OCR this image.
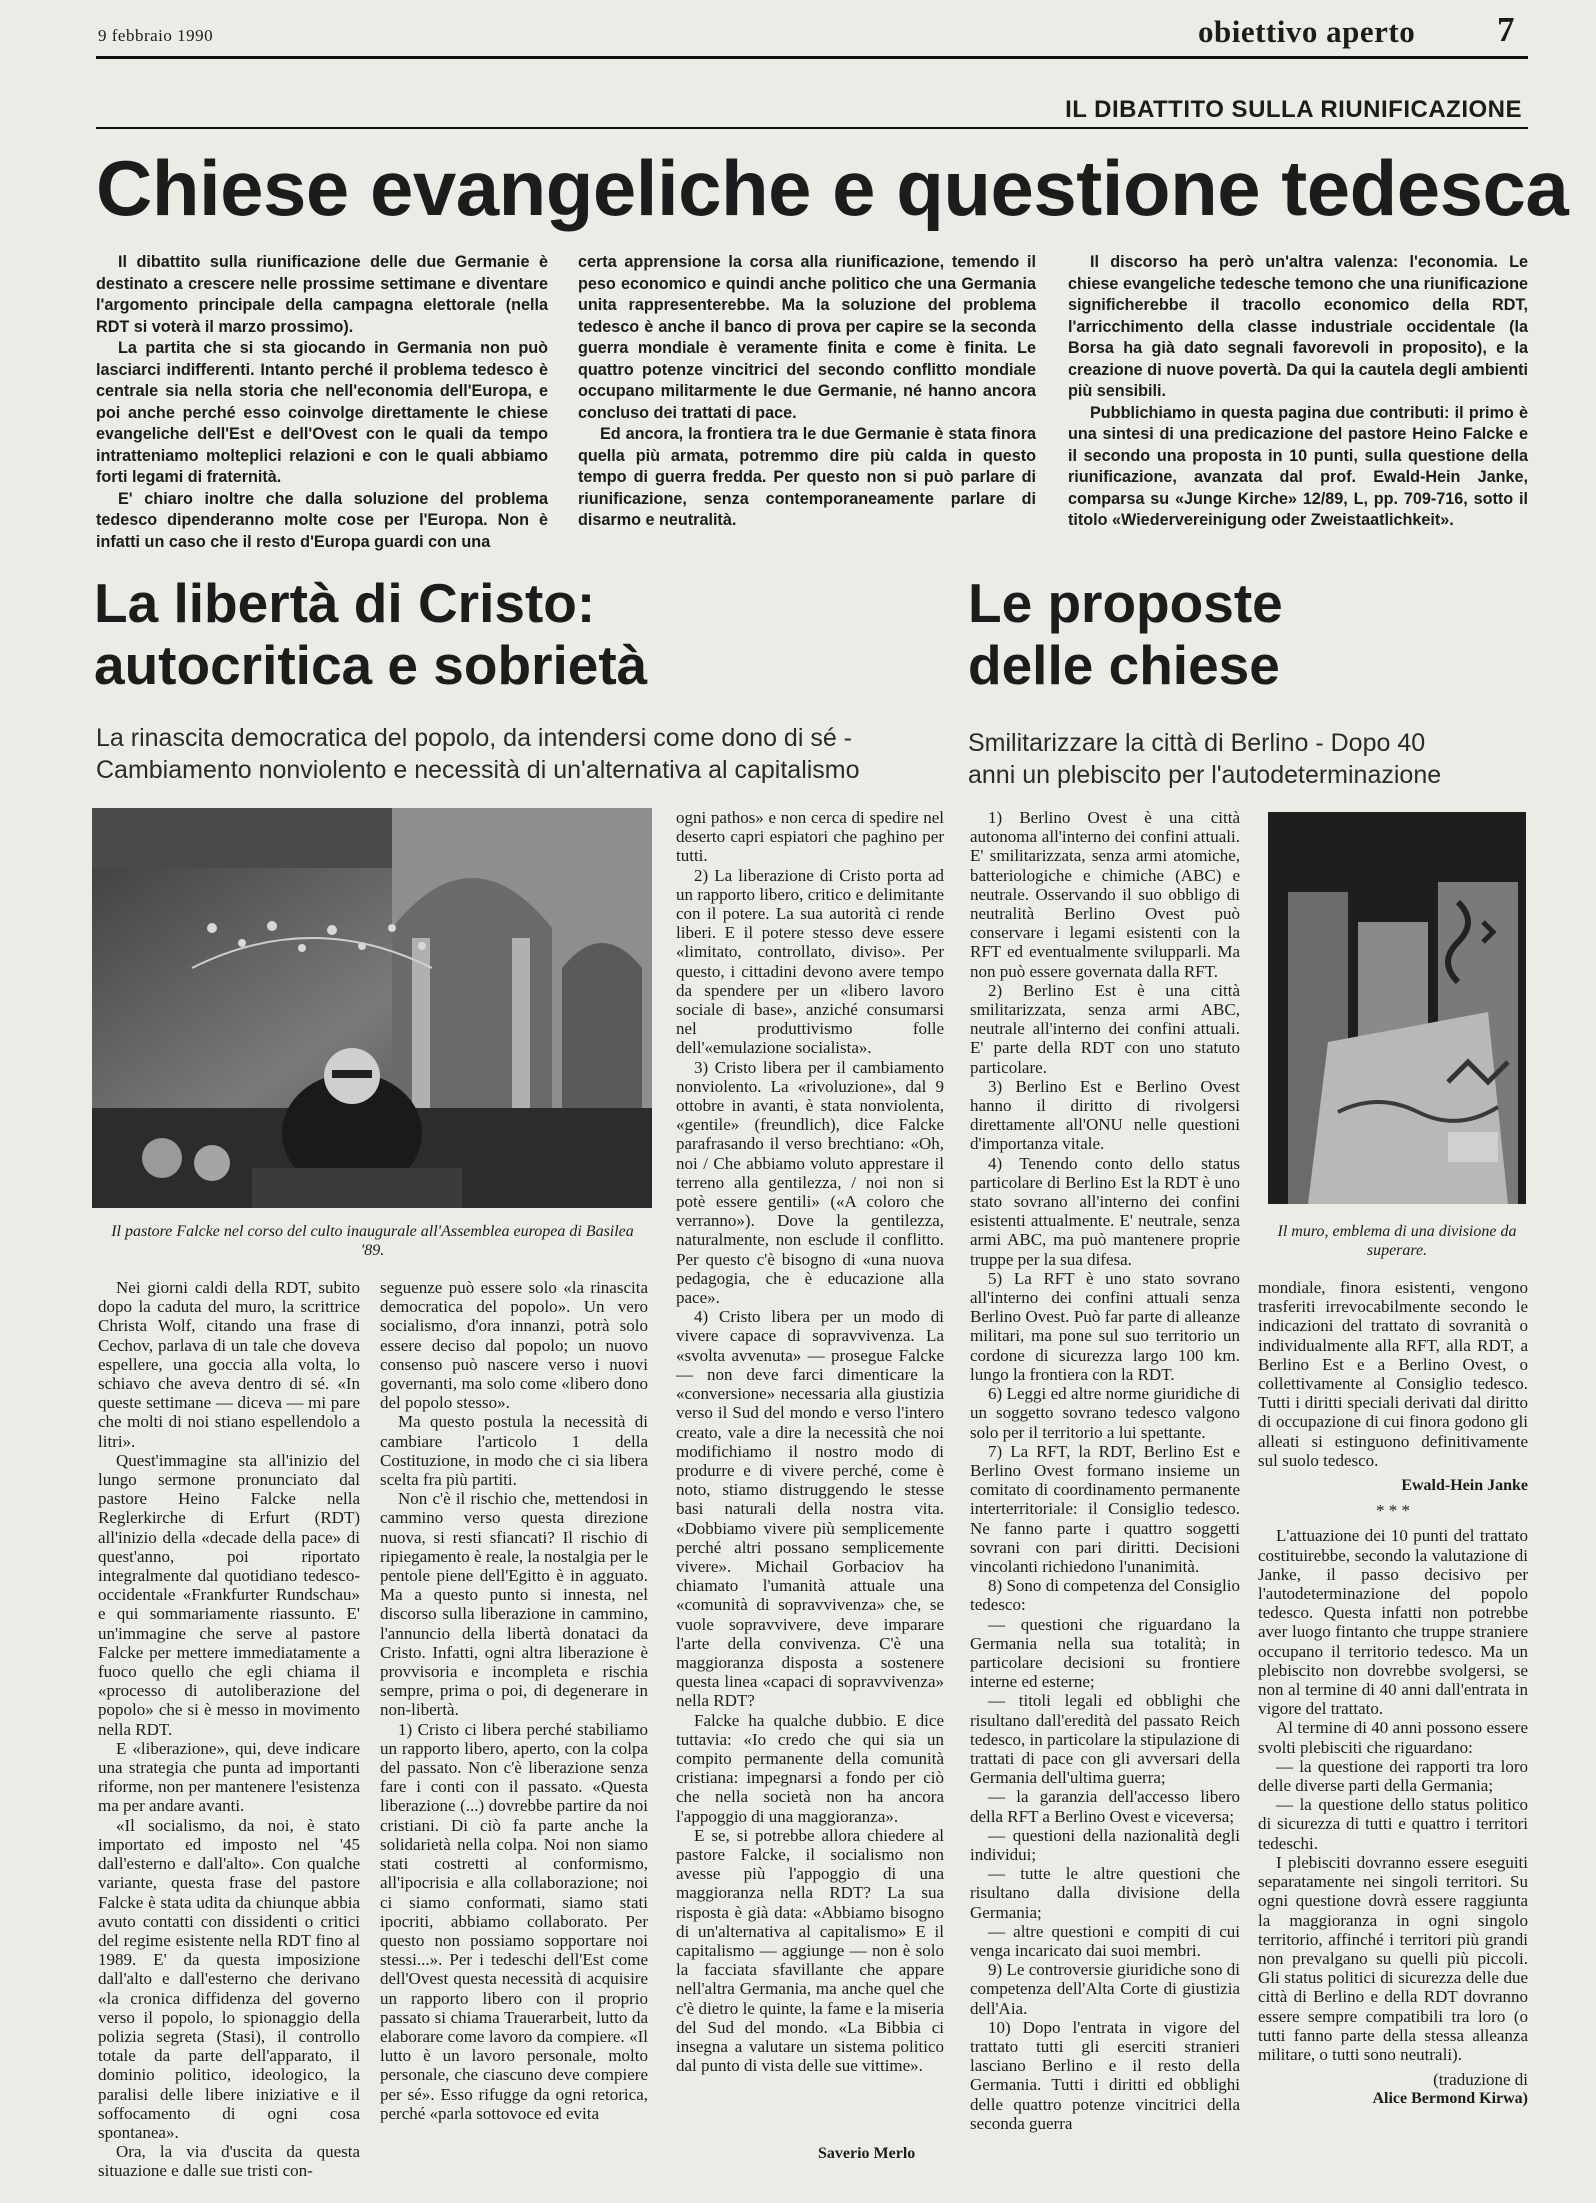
9 febbraio 1990	obiettivo aperto 7
IL DIBATTITO SULLA RIUNIFICAZIONE
Chiese evangeliche e questione tedesca

Il dibattito sulla riunificazione delle due Germanie è destinato a crescere nelle prossime settimane e diventare l'argomento principale della campagna elettorale (nella RDT si voterà il marzo prossimo).

La partita che si sta giocando in Germania non può lasciarci indifferenti. Intanto perché il problema tedesco è centrale sia nella storia che nell'economia dell'Europa, e poi anche perché esso coinvolge direttamente le chiese evangeliche dell'Est e dell'Ovest con le quali da tempo intratteniamo molteplici relazioni e con le quali abbiamo forti legami di fraternità.

E' chiaro inoltre che dalla soluzione del problema tedesco dipenderanno molte cose per l'Europa. Non è infatti un caso che il resto d'Europa guardi con una

certa apprensione la corsa alla riunificazione, temendo il peso economico e quindi anche politico che una Germania unita rappresenterebbe. Ma la soluzione del problema tedesco è anche il banco di prova per capire se la seconda guerra mondiale è veramente finita e come è finita. Le quattro potenze vincitrici del secondo conflitto mondiale occupano militarmente le due Germanie, né hanno ancora concluso dei trattati di pace.

Ed ancora, la frontiera tra le due Germanie è stata finora quella più armata, potremmo dire più calda in questo tempo di guerra fredda. Per questo non si può parlare di riunificazione, senza contemporaneamente parlare di disarmo e neutralità.

Il discorso ha però un'altra valenza: l'economia. Le chiese evangeliche tedesche temono che una riunificazione significherebbe il tracollo economico della RDT, l'arricchimento della classe industriale occidentale (la Borsa ha già dato segnali favorevoli in proposito), e la creazione di nuove povertà. Da qui la cautela degli ambienti più sensibili.

Pubblichiamo in questa pagina due contributi: il primo è una sintesi di una predicazione del pastore Heino Falcke e il secondo una proposta in 10 punti, sulla questione della riunificazione, avanzata dal prof. Ewald-Hein Janke, comparsa su «Junge Kirche» 12/89, L, pp. 709-716, sotto il titolo «Wiedervereinigung oder Zweistaatlichkeit».

La libertà di Cristo:
autocritica e sobrietà
La rinascita democratica del popolo, da intendersi come dono di sé -
Cambiamento nonviolento e necessità di un'alternativa al capitalismo
Le proposte
delle chiese
Smilitarizzare la città di Berlino - Dopo 40
anni un plebiscito per l'autodeterminazione
Il pastore Falcke nel corso del culto inaugurale all'Assemblea europea di Basilea '89.

Nei giorni caldi della RDT, subito dopo la caduta del muro, la scrittrice Christa Wolf, citando una frase di Cechov, parlava di un tale che doveva espellere, una goccia alla volta, lo schiavo che aveva dentro di sé. «In queste settimane — diceva — mi pare che molti di noi stiano espellendolo a litri».

Quest'immagine sta all'inizio del lungo sermone pronunciato dal pastore Heino Falcke nella Reglerkirche di Erfurt (RDT) all'inizio della «decade della pace» di quest'anno, poi riportato integralmente dal quotidiano tedesco-occidentale «Frankfurter Rundschau» e qui sommariamente riassunto. E' un'immagine che serve al pastore Falcke per mettere immediatamente a fuoco quello che egli chiama il «processo di autoliberazione del popolo» che si è messo in movimento nella RDT.

E «liberazione», qui, deve indicare una strategia che punta ad importanti riforme, non per mantenere l'esistenza ma per andare avanti.

«Il socialismo, da noi, è stato importato ed imposto nel '45 dall'esterno e dall'alto». Con qualche variante, questa frase del pastore Falcke è stata udita da chiunque abbia avuto contatti con dissidenti o critici del regime esistente nella RDT fino al 1989. E' da questa imposizione dall'alto e dall'esterno che derivano «la cronica diffidenza del governo verso il popolo, lo spionaggio della polizia segreta (Stasi), il controllo totale da parte dell'apparato, il dominio politico, ideologico, la paralisi delle libere iniziative e il soffocamento di ogni cosa spontanea».

Ora, la via d'uscita da questa situazione e dalle sue tristi con-

seguenze può essere solo «la rinascita democratica del popolo». Un vero socialismo, d'ora innanzi, potrà solo essere deciso dal popolo; un nuovo consenso può nascere verso i nuovi governanti, ma solo come «libero dono del popolo stesso».

Ma questo postula la necessità di cambiare l'articolo 1 della Costituzione, in modo che ci sia libera scelta fra più partiti.

Non c'è il rischio che, mettendosi in cammino verso questa direzione nuova, si resti sfiancati? Il rischio di ripiegamento è reale, la nostalgia per le pentole piene dell'Egitto è in agguato. Ma a questo punto si innesta, nel discorso sulla liberazione in cammino, l'annuncio della libertà donataci da Cristo. Infatti, ogni altra liberazione è provvisoria e incompleta e rischia sempre, prima o poi, di degenerare in non-libertà.

1) Cristo ci libera perché stabiliamo un rapporto libero, aperto, con la colpa del passato. Non c'è liberazione senza fare i conti con il passato. «Questa liberazione (...) dovrebbe partire da noi cristiani. Di ciò fa parte anche la solidarietà nella colpa. Noi non siamo stati costretti al conformismo, all'ipocrisia e alla collaborazione; noi ci siamo conformati, siamo stati ipocriti, abbiamo collaborato. Per questo non possiamo sopportare noi stessi...». Per i tedeschi dell'Est come dell'Ovest questa necessità di acquisire un rapporto libero con il proprio passato si chiama Trauerarbeit, lutto da elaborare come lavoro da compiere. «Il lutto è un lavoro personale, molto personale, che ciascuno deve compiere per sé». Esso rifugge da ogni retorica, perché «parla sottovoce ed evita

ogni pathos» e non cerca di spedire nel deserto capri espiatori che paghino per tutti.

2) La liberazione di Cristo porta ad un rapporto libero, critico e delimitante con il potere. La sua autorità ci rende liberi. E il potere stesso deve essere «limitato, controllato, diviso». Per questo, i cittadini devono avere tempo da spendere per un «libero lavoro sociale di base», anziché consumarsi nel produttivismo folle dell'«emulazione socialista».

3) Cristo libera per il cambiamento nonviolento. La «rivoluzione», dal 9 ottobre in avanti, è stata nonviolenta, «gentile» (freundlich), dice Falcke parafrasando il verso brechtiano: «Oh, noi / Che abbiamo voluto apprestare il terreno alla gentilezza, / noi non si potè essere gentili» («A coloro che verranno»). Dove la gentilezza, naturalmente, non esclude il conflitto. Per questo c'è bisogno di «una nuova pedagogia, che è educazione alla pace».

4) Cristo libera per un modo di vivere capace di sopravvivenza. La «svolta avvenuta» — prosegue Falcke — non deve farci dimenticare la «conversione» necessaria alla giustizia verso il Sud del mondo e verso l'intero creato, vale a dire la necessità che noi modifichiamo il nostro modo di produrre e di vivere perché, come è noto, stiamo distruggendo le stesse basi naturali della nostra vita. «Dobbiamo vivere più semplicemente perché altri possano semplicemente vivere». Michail Gorbaciov ha chiamato l'umanità attuale una «comunità di sopravvivenza» che, se vuole sopravvivere, deve imparare l'arte della convivenza. C'è una maggioranza disposta a sostenere questa linea «capaci di sopravvivenza» nella RDT?

Falcke ha qualche dubbio. E dice tuttavia: «Io credo che qui sia un compito permanente della comunità cristiana: impegnarsi a fondo per ciò che nella società non ha ancora l'appoggio di una maggioranza».

E se, si potrebbe allora chiedere al pastore Falcke, il socialismo non avesse più l'appoggio di una maggioranza nella RDT? La sua risposta è già data: «Abbiamo bisogno di un'alternativa al capitalismo» E il capitalismo — aggiunge — non è solo la facciata sfavillante che appare nell'altra Germania, ma anche quel che c'è dietro le quinte, la fame e la miseria del Sud del mondo. «La Bibbia ci insegna a valutare un sistema politico dal punto di vista delle sue vittime».

Saverio Merlo
Il muro, emblema di una divisione da superare.

1) Berlino Ovest è una città autonoma all'interno dei confini attuali. E' smilitarizzata, senza armi atomiche, batteriologiche e chimiche (ABC) e neutrale. Osservando il suo obbligo di neutralità Berlino Ovest può conservare i legami esistenti con la RFT ed eventualmente svilupparli. Ma non può essere governata dalla RFT.

2) Berlino Est è una città smilitarizzata, senza armi ABC, neutrale all'interno dei confini attuali. E' parte della RDT con uno statuto particolare.

3) Berlino Est e Berlino Ovest hanno il diritto di rivolgersi direttamente all'ONU nelle questioni d'importanza vitale.

4) Tenendo conto dello status particolare di Berlino Est la RDT è uno stato sovrano all'interno dei confini esistenti attualmente. E' neutrale, senza armi ABC, ma può mantenere proprie truppe per la sua difesa.

5) La RFT è uno stato sovrano all'interno dei confini attuali senza Berlino Ovest. Può far parte di alleanze militari, ma pone sul suo territorio un cordone di sicurezza largo 100 km. lungo la frontiera con la RDT.

6) Leggi ed altre norme giuridiche di un soggetto sovrano tedesco valgono solo per il territorio a lui spettante.

7) La RFT, la RDT, Berlino Est e Berlino Ovest formano insieme un comitato di coordinamento permanente interterritoriale: il Consiglio tedesco. Ne fanno parte i quattro soggetti sovrani con pari diritti. Decisioni vincolanti richiedono l'unanimità.

8) Sono di competenza del Consiglio tedesco:

— questioni che riguardano la Germania nella sua totalità; in particolare decisioni su frontiere interne ed esterne;

— titoli legali ed obblighi che risultano dall'eredità del passato Reich tedesco, in particolare la stipulazione di trattati di pace con gli avversari della Germania dell'ultima guerra;

— la garanzia dell'accesso libero della RFT a Berlino Ovest e viceversa;

— questioni della nazionalità degli individui;

— tutte le altre questioni che risultano dalla divisione della Germania;

— altre questioni e compiti di cui venga incaricato dai suoi membri.

9) Le controversie giuridiche sono di competenza dell'Alta Corte di giustizia dell'Aia.

10) Dopo l'entrata in vigore del trattato tutti gli eserciti stranieri lasciano Berlino e il resto della Germania. Tutti i diritti ed obblighi delle quattro potenze vincitrici della seconda guerra

mondiale, finora esistenti, vengono trasferiti irrevocabilmente secondo le indicazioni del trattato di sovranità o individualmente alla RFT, alla RDT, a Berlino Est e a Berlino Ovest, o collettivamente al Consiglio tedesco. Tutti i diritti speciali derivati dal diritto di occupazione di cui finora godono gli alleati si estinguono definitivamente sul suolo tedesco.

Ewald-Hein Janke
* * *

L'attuazione dei 10 punti del trattato costituirebbe, secondo la valutazione di Janke, il passo decisivo per l'autodeterminazione del popolo tedesco. Questa infatti non potrebbe aver luogo fintanto che truppe straniere occupano il territorio tedesco. Ma un plebiscito non dovrebbe svolgersi, se non al termine di 40 anni dall'entrata in vigore del trattato.

Al termine di 40 anni possono essere svolti plebisciti che riguardano:

— la questione dei rapporti tra loro delle diverse parti della Germania;

— la questione dello status politico di sicurezza di tutti e quattro i territori tedeschi.

I plebisciti dovranno essere eseguiti separatamente nei singoli territori. Su ogni questione dovrà essere raggiunta la maggioranza in ogni singolo territorio, affinché i territori più grandi non prevalgano su quelli più piccoli. Gli status politici di sicurezza delle due città di Berlino e della RDT dovranno essere sempre compatibili tra loro (o tutti fanno parte della stessa alleanza militare, o tutti sono neutrali).

(traduzione di
Alice Bermond Kirwa)
